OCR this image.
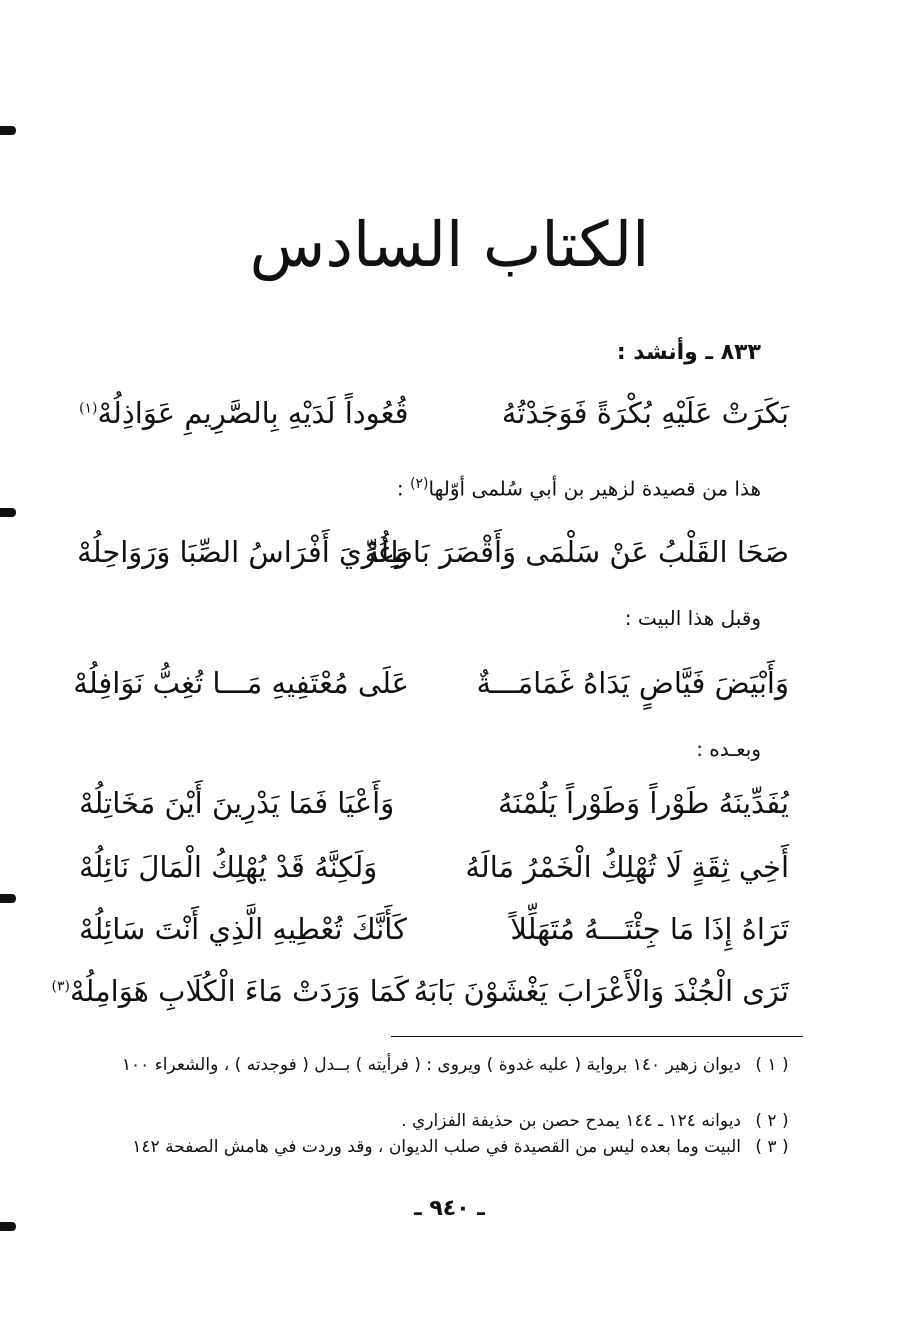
الكتاب السادس
٨٣٣ ـ وأنشد :
بَكَرَتْ عَلَيْهِ بُكْرَةً فَوَجَدْتُهُ
قُعُوداً لَدَيْهِ بِالصَّرِيمِ عَوَاذِلُهْ$^{(١)}$
هذا من قصيدة لزهير بن أبي سُلمى أوّلها$^{(٢)}$ :
صَحَا القَلْبُ عَنْ سَلْمَى وَأَقْصَرَ بَاطِلُهْ
وَعُرِّيَ أَفْرَاسُ الصِّبَا وَرَوَاحِلُهْ
وقبل هذا البيت :
وَأَبْيَضَ فَيَّاضٍ يَدَاهُ غَمَامَـــةٌ
عَلَى مُعْتَفِيهِ مَـــا تُغِبُّ نَوَافِلُهْ
وبعـده :
يُفَدِّينَهُ طَوْراً وَطَوْراً يَلُمْنَهُ
وَأَعْيَا فَمَا يَدْرِينَ أَيْنَ مَخَاتِلُهْ
أَخِي ثِقَةٍ لَا تُهْلِكُ الْخَمْرُ مَالَهُ
وَلَكِنَّهُ قَدْ يُهْلِكُ الْمَالَ نَائِلُهْ
تَرَاهُ إِذَا مَا جِئْتَـــهُ مُتَهَلِّلاً
كَأَنَّكَ تُعْطِيهِ الَّذِي أَنْتَ سَائِلُهْ
تَرَى الْجُنْدَ وَالْأَعْرَابَ يَغْشَوْنَ بَابَهُ
كَمَا وَرَدَتْ مَاءَ الْكُلَابِ هَوَامِلُهْ$^{(٣)}$
( ١ )
ديوان زهير ١٤٠ برواية ( عليه غدوة ) ويروى : ( فرأيته ) بــدل ( فوجدته ) ، والشعراء ١٠٠
( ٢ )
ديوانه ١٢٤ ـ ١٤٤ يمدح حصن بن حذيفة الفزاري .
( ٣ )
البيت وما بعده ليس من القصيدة في صلب الديوان ، وقد وردت في هامش الصفحة ١٤٢
ـ ٩٤٠ ـ
